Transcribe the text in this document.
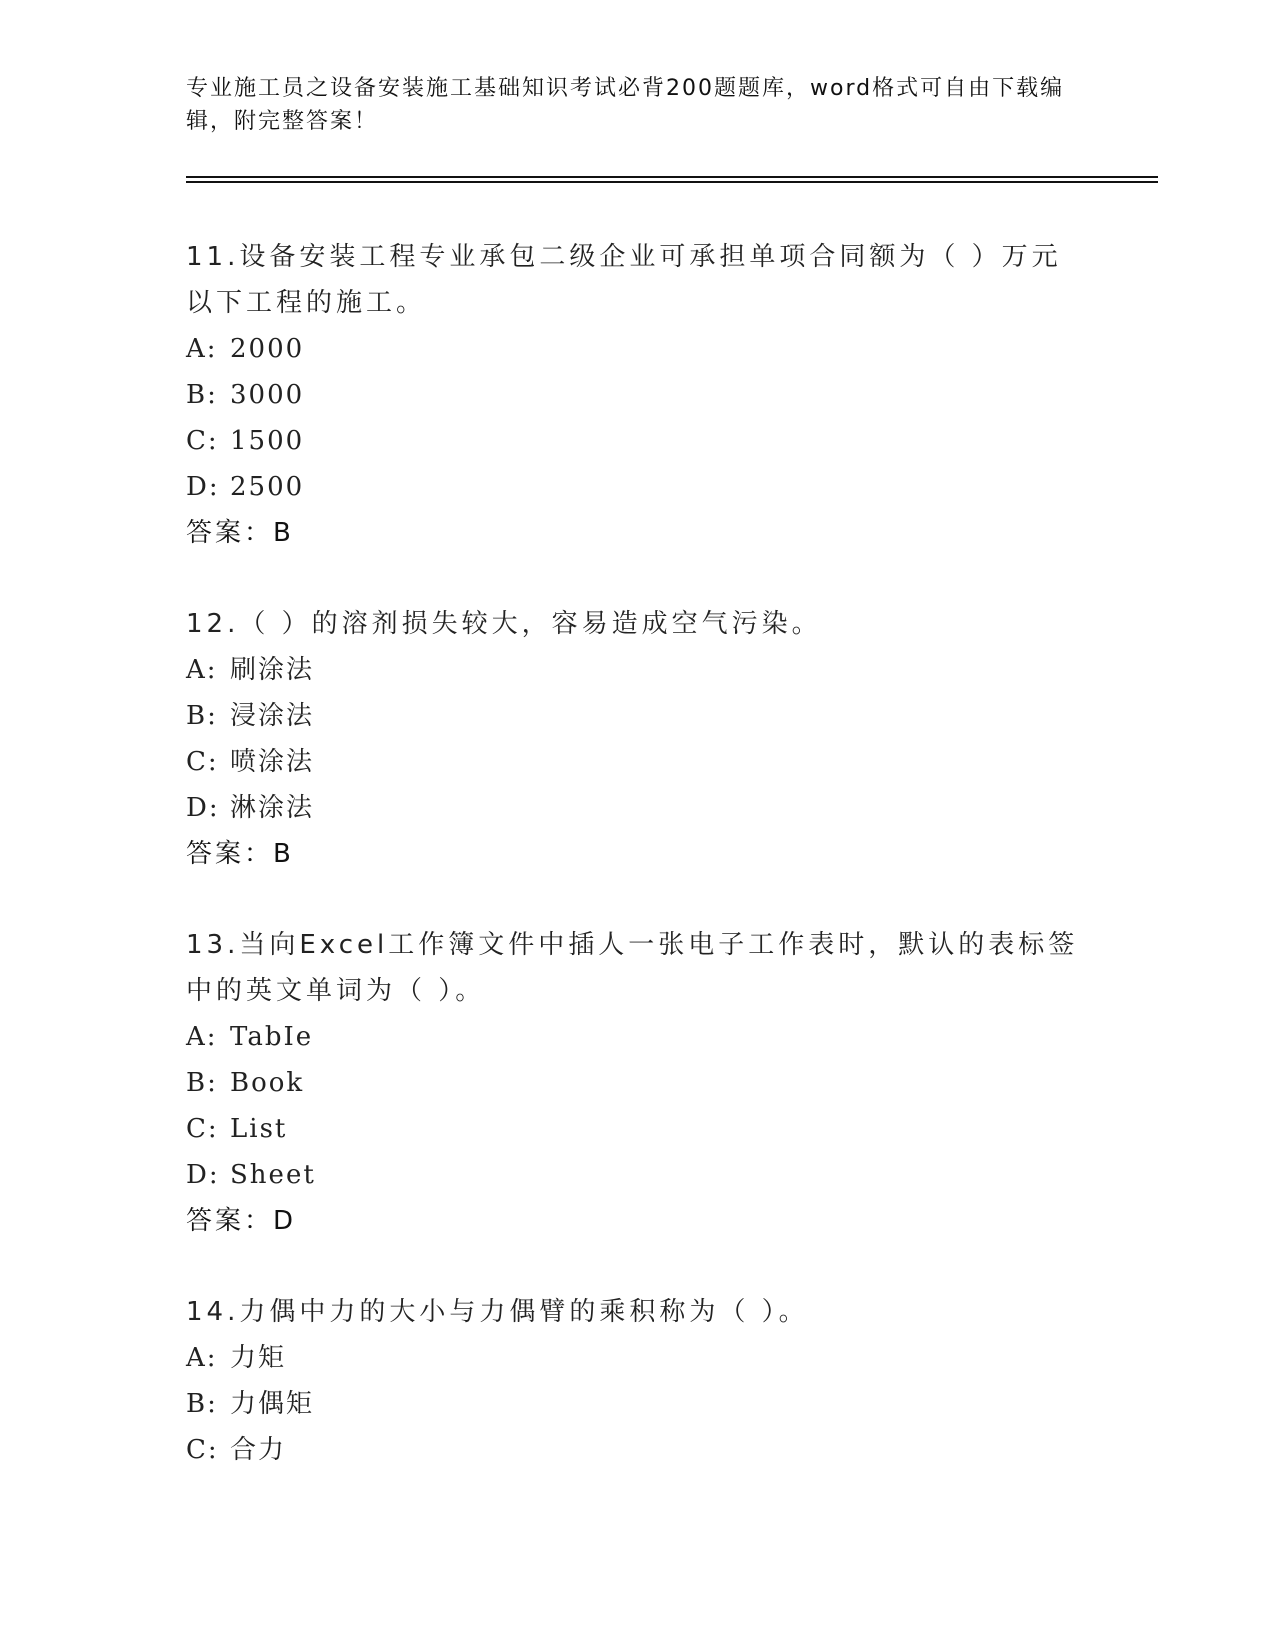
专业施工员之设备安装施工基础知识考试必背200题题库，word格式可自由下载编辑，附完整答案！
11.设备安装工程专业承包二级企业可承担单项合同额为（ ）万元以下工程的施工。
A: 2000
B: 3000
C: 1500
D: 2500
答案：B
12.（ ）的溶剂损失较大，容易造成空气污染。
A: 刷涂法
B: 浸涂法
C: 喷涂法
D: 淋涂法
答案：B
13.当向Excel工作簿文件中插人一张电子工作表时，默认的表标签中的英文单词为（ ）。
A: TabIe
B: Book
C: List
D: Sheet
答案：D
14.力偶中力的大小与力偶臂的乘积称为（ ）。
A: 力矩
B: 力偶矩
C: 合力
